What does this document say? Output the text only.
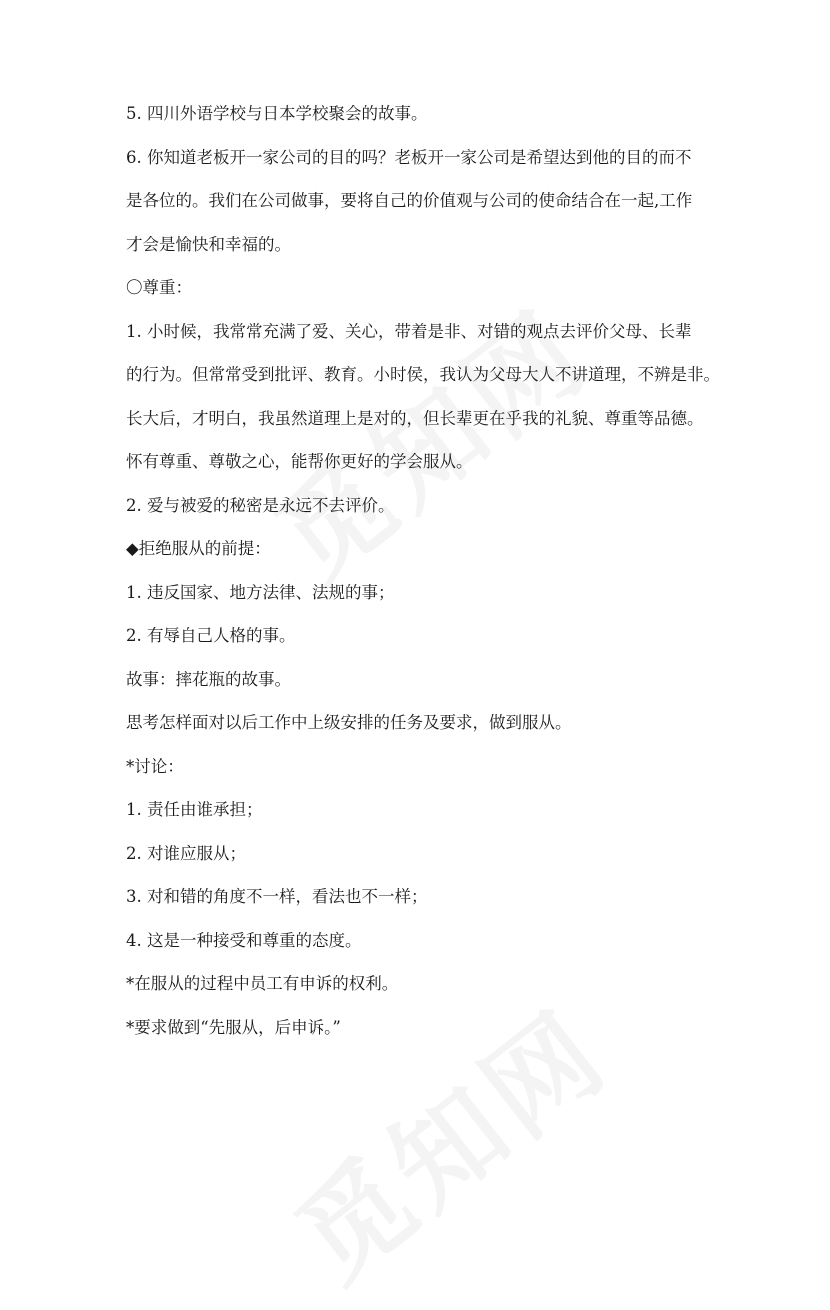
5. 四川外语学校与日本学校聚会的故事。

6. 你知道老板开一家公司的目的吗？老板开一家公司是希望达到他的目的而不

是各位的。我们在公司做事，要将自己的价值观与公司的使命结合在一起,工作

才会是愉快和幸福的。

〇尊重：

1. 小时候，我常常充满了爱、关心，带着是非、对错的观点去评价父母、长辈

的行为。但常常受到批评、教育。小时侯，我认为父母大人不讲道理，不辨是非。

长大后，才明白，我虽然道理上是对的，但长辈更在乎我的礼貌、尊重等品德。

怀有尊重、尊敬之心，能帮你更好的学会服从。

2. 爱与被爱的秘密是永远不去评价。

◆拒绝服从的前提：

1. 违反国家、地方法律、法规的事；

2. 有辱自己人格的事。

故事：摔花瓶的故事。

思考怎样面对以后工作中上级安排的任务及要求，做到服从。

*讨论：

1. 责任由谁承担；

2. 对谁应服从；

3. 对和错的角度不一样，看法也不一样；

4. 这是一种接受和尊重的态度。

*在服从的过程中员工有申诉的权利。

*要求做到“先服从，后申诉。”
